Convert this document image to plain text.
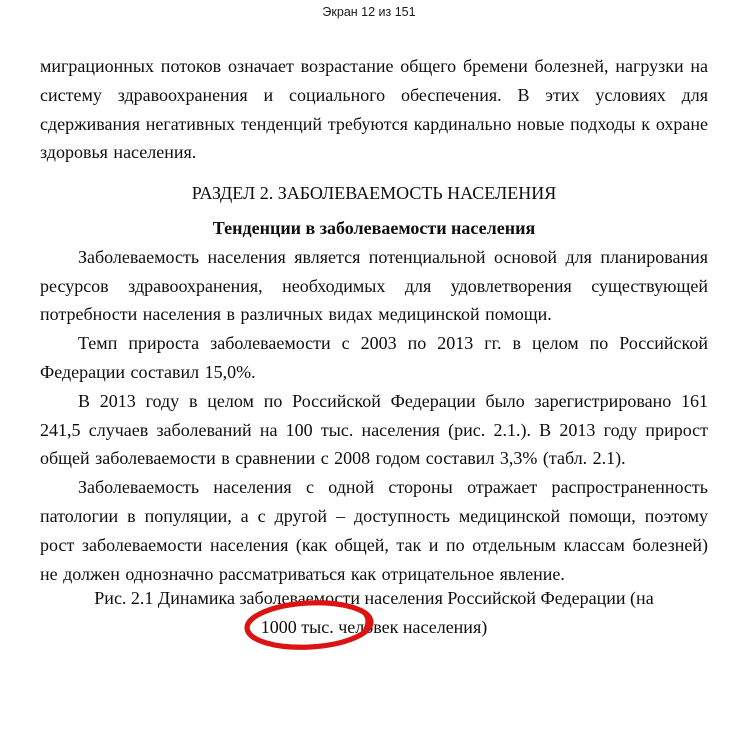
Экран 12 из 151

миграционных потоков означает возрастание общего бремени болезней, нагрузки на систему здравоохранения и социального обеспечения. В этих условиях для сдерживания негативных тенденций требуются кардинально новые подходы к охране здоровья населения.

РАЗДЕЛ 2. ЗАБОЛЕВАЕМОСТЬ НАСЕЛЕНИЯ
Тенденции в заболеваемости населения

Заболеваемость населения является потенциальной основой для планирования ресурсов здравоохранения, необходимых для удовлетворения существующей потребности населения в различных видах медицинской помощи.

Темп прироста заболеваемости с 2003 по 2013 гг. в целом по Российской Федерации составил 15,0%.

В 2013 году в целом по Российской Федерации было зарегистрировано 161 241,5 случаев заболеваний на 100 тыс. населения (рис. 2.1.). В 2013 году прирост общей заболеваемости в сравнении с 2008 годом составил 3,3% (табл. 2.1).

Заболеваемость населения с одной стороны отражает распространенность патологии в популяции, а с другой – доступность медицинской помощи, поэтому рост заболеваемости населения (как общей, так и по отдельным классам болезней) не должен однозначно рассматриваться как отрицательное явление.

Рис. 2.1 Динамика заболеваемости населения Российской Федерации (на
1000 тыс.
человек населения)
